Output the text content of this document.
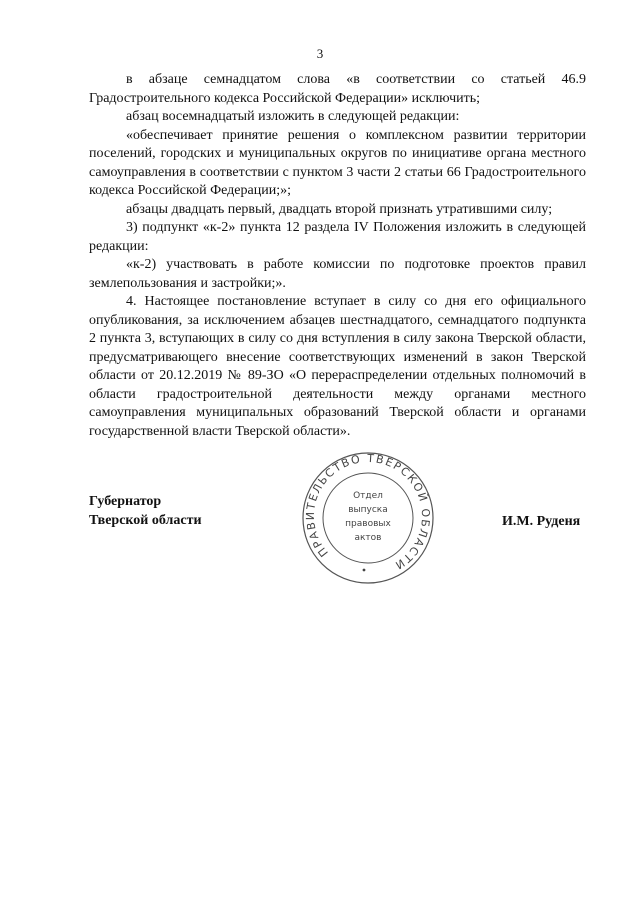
3

в абзаце семнадцатом слова «в соответствии со статьей 46.9 Градостроительного кодекса Российской Федерации» исключить;

абзац восемнадцатый изложить в следующей редакции:

«обеспечивает принятие решения о комплексном развитии территории поселений, городских и муниципальных округов по инициативе органа местного самоуправления в соответствии с пунктом 3 части 2 статьи 66 Градостроительного кодекса Российской Федерации;»;

абзацы двадцать первый, двадцать второй признать утратившими силу;

3) подпункт «к-2» пункта 12 раздела IV Положения изложить в следующей редакции:

«к-2) участвовать в работе комиссии по подготовке проектов правил землепользования и застройки;».

4. Настоящее постановление вступает в силу со дня его официального опубликования, за исключением абзацев шестнадцатого, семнадцатого подпункта 2 пункта 3, вступающих в силу со дня вступления в силу закона Тверской области, предусматривающего внесение соответствующих изменений в закон Тверской области от 20.12.2019 № 89-ЗО «О перераспределении отдельных полномочий в области градостроительной деятельности между органами местного самоуправления муниципальных образований Тверской области и органами государственной власти Тверской области».

Губернатор
Тверской области	И.М. Руденя
ПРАВИТЕЛЬСТВО ТВЕРСКОЙ ОБЛАСТИ
Отдел
выпуска
правовых
актов
